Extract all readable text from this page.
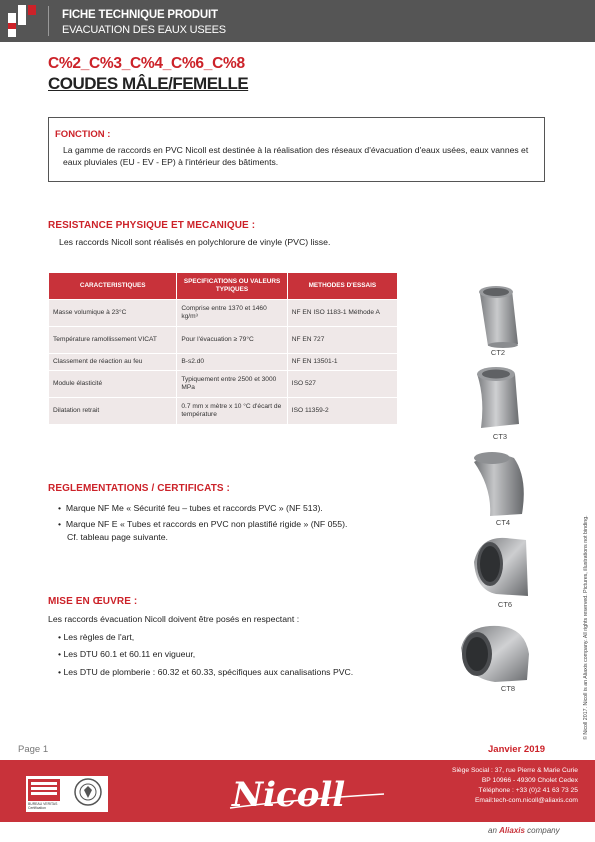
FICHE TECHNIQUE PRODUIT
EVACUATION DES EAUX USEES
C%2_C%3_C%4_C%6_C%8
COUDES MÂLE/FEMELLE
FONCTION :
La gamme de raccords en PVC Nicoll est destinée à la réalisation des réseaux d'évacuation d'eaux usées, eaux vannes et eaux pluviales (EU - EV - EP) à l'intérieur des bâtiments.
RESISTANCE PHYSIQUE ET MECANIQUE :
Les raccords Nicoll sont réalisés en polychlorure de vinyle (PVC) lisse.
CARACTERISTIQUES	SPECIFICATIONS OU VALEURS TYPIQUES	METHODES D'ESSAIS
Masse volumique à 23°C	Comprise entre 1370 et 1460 kg/m³	NF EN ISO 1183-1 Méthode A
Température ramollissement VICAT	Pour l'évacuation ≥ 79°C	NF EN 727
Classement de réaction au feu	B-s2.d0	NF EN 13501-1
Module élasticité	Typiquement entre 2500 et 3000 MPa	ISO 527
Dilatation retrait	0.7 mm x mètre x 10 °C d'écart de température	ISO 11359-2
CT2
CT3
CT4
CT6
CT8
REGLEMENTATIONS / CERTIFICATS :
•  Marque NF Me « Sécurité feu – tubes et raccords PVC » (NF 513).
•  Marque NF E « Tubes et raccords en PVC non plastifié rigide » (NF 055).
Cf. tableau page suivante.
MISE EN ŒUVRE :
Les raccords évacuation Nicoll doivent être posés en respectant :
• Les règles de l'art,
• Les DTU 60.1 et 60.11 en vigueur,
• Les DTU de plomberie : 60.32 et 60.33, spécifiques aux canalisations PVC.	© Nicoll 2017. Nicoll is an Aliaxis company. All rights reserved. Pictures, illustrations not binding.
Page 1	Janvier 2019
BUREAU VERITAS Certification	Nicoll
Siège Social : 37, rue Pierre & Marie Curie
BP 10966 - 49309 Cholet Cedex
Téléphone : +33 (0)2 41 63 73 25
Email:tech-com.nicoll@aliaxis.com
an Aliaxis company
